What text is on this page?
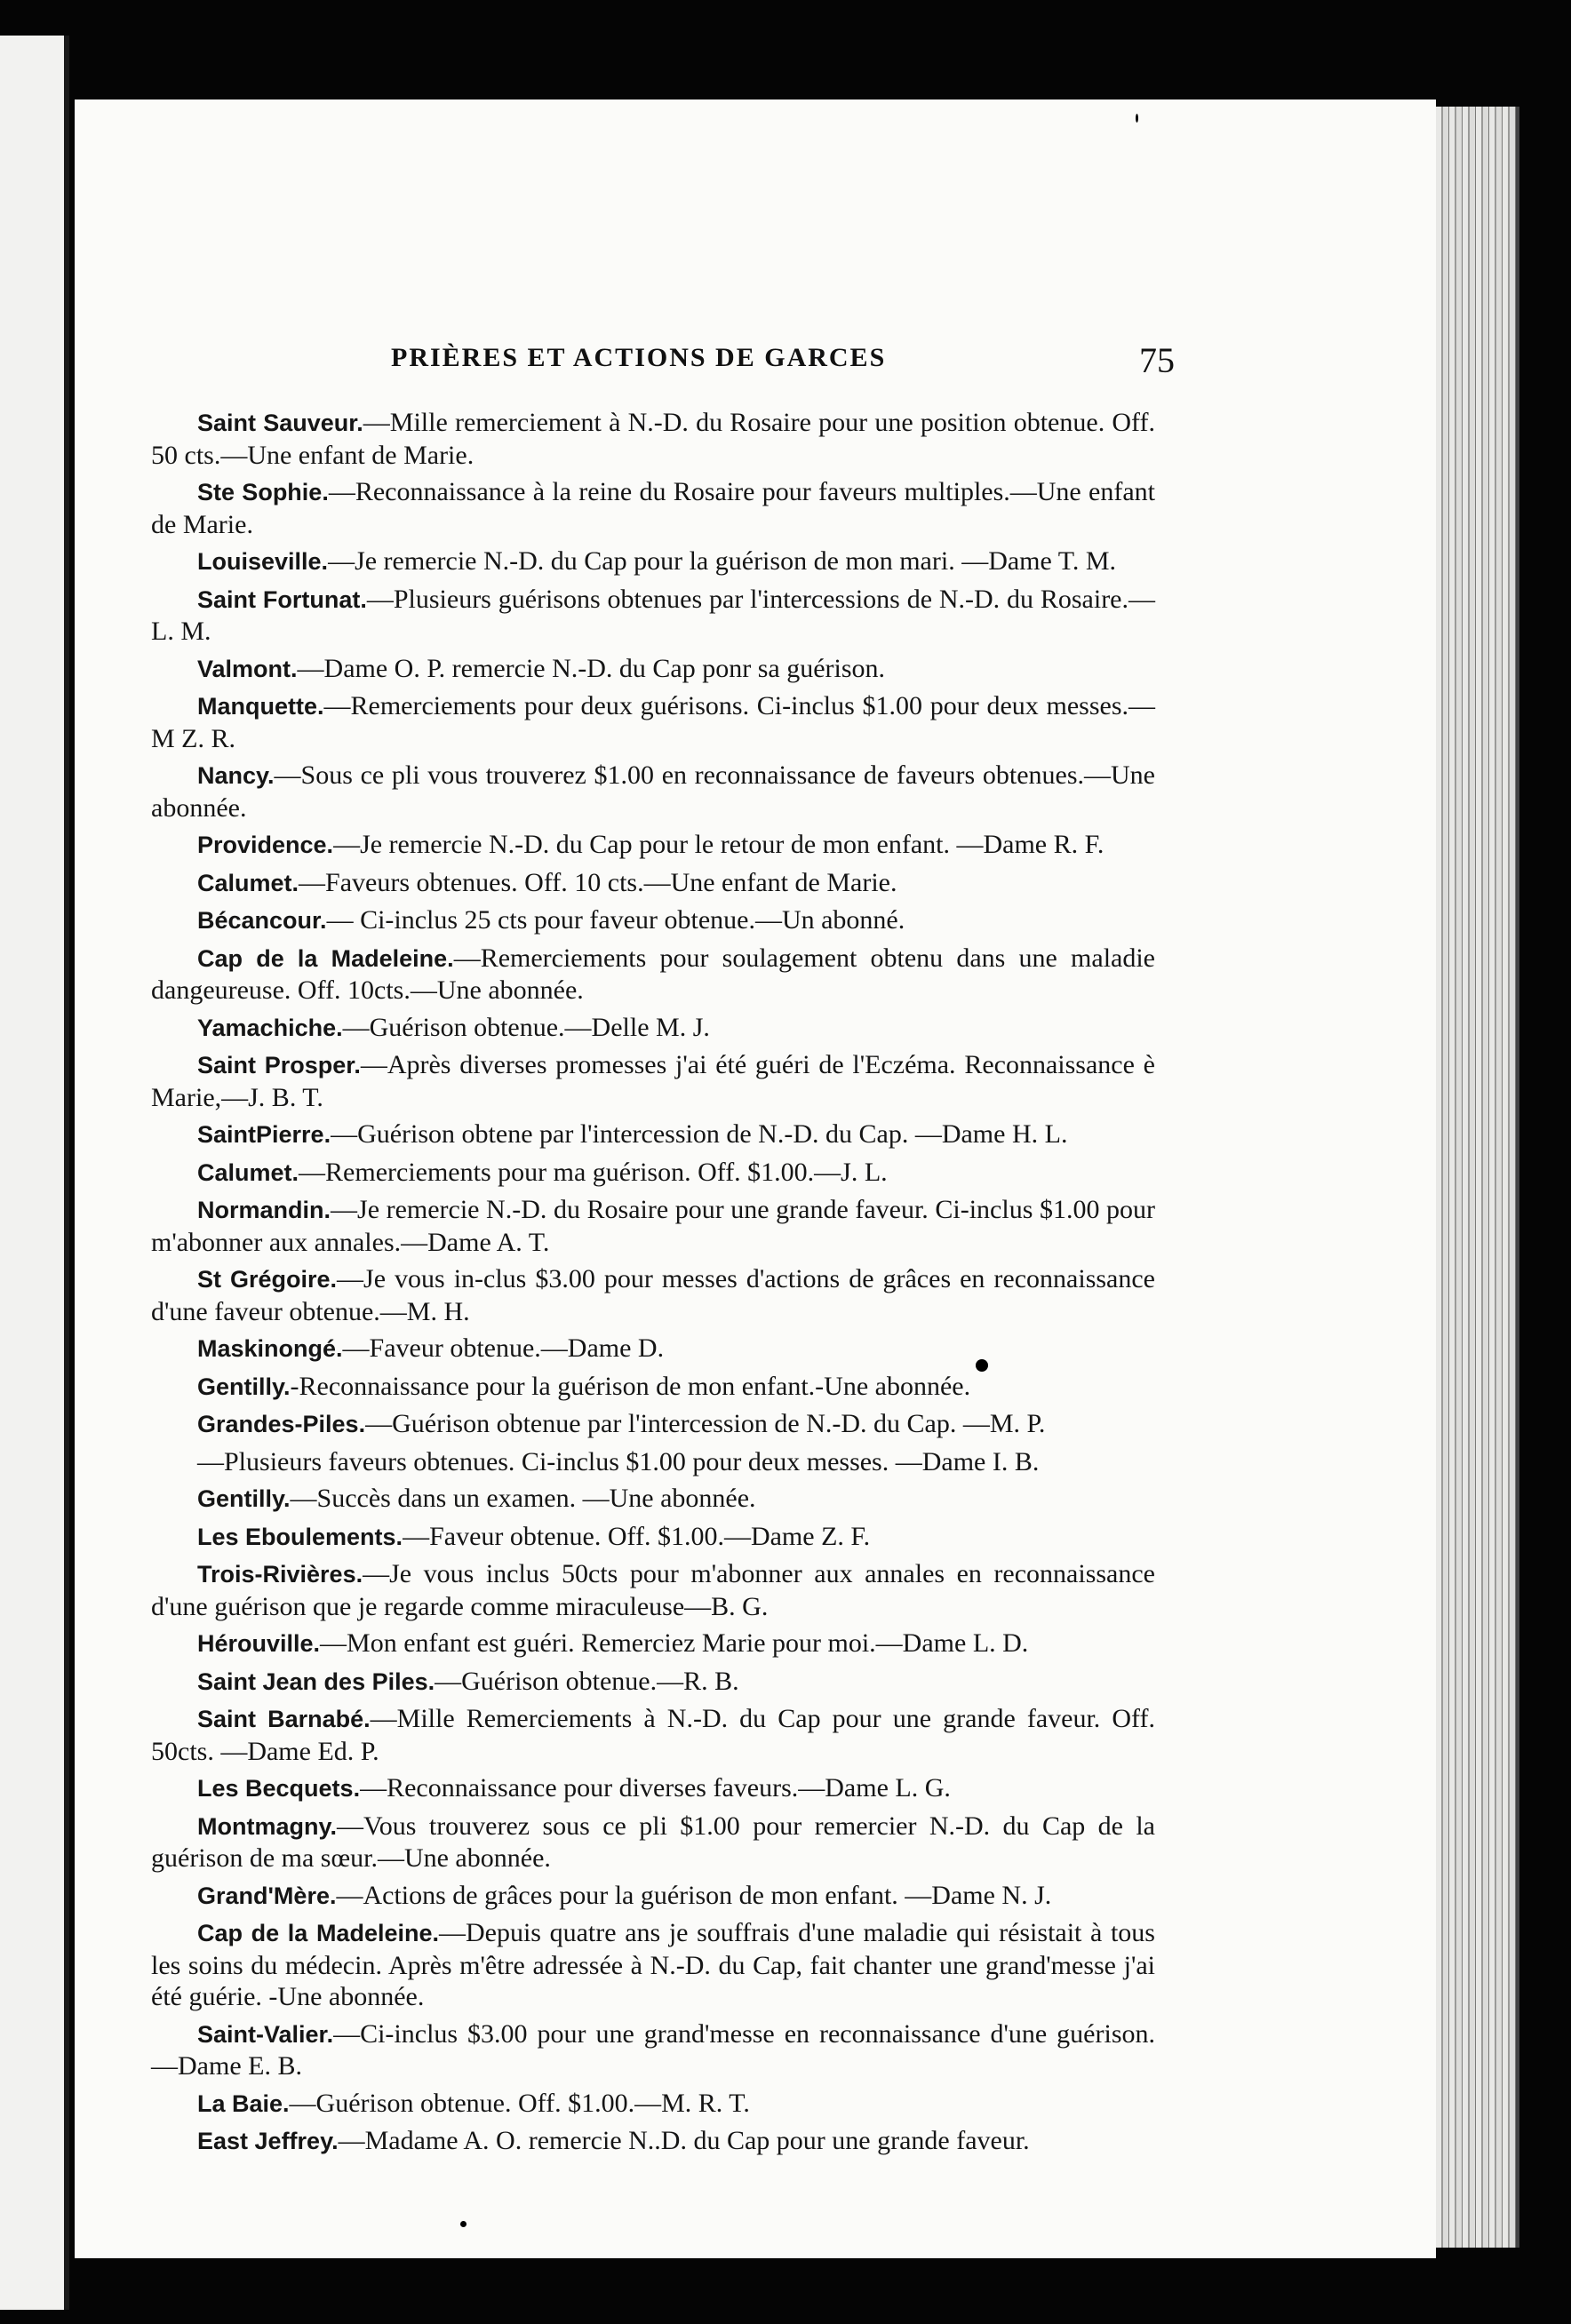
PRIÈRES ET ACTIONS DE GARCES	75

Saint Sauveur.—Mille remerciement à N.-D. du Rosaire pour une position obtenue. Off. 50 cts.—Une enfant de Marie.

Ste Sophie.—Reconnaissance à la reine du Rosaire pour faveurs multiples.—Une enfant de Marie.

Louiseville.—Je remercie N.-D. du Cap pour la guérison de mon mari. —Dame T. M.

Saint Fortunat.—Plusieurs guérisons obtenues par l'intercessions de N.-D. du Rosaire.—L. M.

Valmont.—Dame O. P. remercie N.-D. du Cap ponr sa guérison.

Manquette.—Remerciements pour deux guérisons. Ci-inclus $1.00 pour deux messes.—M Z. R.

Nancy.—Sous ce pli vous trouverez $1.00 en reconnaissance de faveurs obtenues.—Une abonnée.

Providence.—Je remercie N.-D. du Cap pour le retour de mon enfant. —Dame R. F.

Calumet.—Faveurs obtenues. Off. 10 cts.—Une enfant de Marie.

Bécancour.— Ci-inclus 25 cts pour faveur obtenue.—Un abonné.

Cap de la Madeleine.—Remerciements pour soulagement obtenu dans une maladie dangeureuse. Off. 10cts.—Une abonnée.

Yamachiche.—Guérison obtenue.—Delle M. J.

Saint Prosper.—Après diverses promesses j'ai été guéri de l'Eczéma. Reconnaissance è Marie,—J. B. T.

SaintPierre.—Guérison obtene par l'intercession de N.-D. du Cap. —Dame H. L.

Calumet.—Remerciements pour ma guérison. Off. $1.00.—J. L.

Normandin.—Je remercie N.-D. du Rosaire pour une grande faveur. Ci-inclus $1.00 pour m'abonner aux annales.—Dame A. T.

St Grégoire.—Je vous in-clus $3.00 pour messes d'actions de grâces en reconnaissance d'une faveur obtenue.—M. H.

Maskinongé.—Faveur obtenue.—Dame D.

Gentilly.-Reconnaissance pour la guérison de mon enfant.-Une abonnée.

Grandes-Piles.—Guérison obtenue par l'intercession de N.-D. du Cap. —M. P.

—Plusieurs faveurs obtenues. Ci-inclus $1.00 pour deux messes. —Dame I. B.

Gentilly.—Succès dans un examen. —Une abonnée.

Les Eboulements.—Faveur obtenue. Off. $1.00.—Dame Z. F.

Trois-Rivières.—Je vous inclus 50cts pour m'abonner aux annales en reconnaissance d'une guérison que je regarde comme miraculeuse—B. G.

Hérouville.—Mon enfant est guéri. Remerciez Marie pour moi.—Dame L. D.

Saint Jean des Piles.—Guérison obtenue.—R. B.

Saint Barnabé.—Mille Remerciements à N.-D. du Cap pour une grande faveur. Off. 50cts. —Dame Ed. P.

Les Becquets.—Reconnaissance pour diverses faveurs.—Dame L. G.

Montmagny.—Vous trouverez sous ce pli $1.00 pour remercier N.-D. du Cap de la guérison de ma sœur.—Une abonnée.

Grand'Mère.—Actions de grâces pour la guérison de mon enfant. —Dame N. J.

Cap de la Madeleine.—Depuis quatre ans je souffrais d'une maladie qui résistait à tous les soins du médecin. Après m'être adressée à N.-D. du Cap, fait chanter une grand'messe j'ai été guérie. -Une abonnée.

Saint-Valier.—Ci-inclus $3.00 pour une grand'messe en reconnaissance d'une guérison.—Dame E. B.

La Baie.—Guérison obtenue. Off. $1.00.—M. R. T.

East Jeffrey.—Madame A. O. remercie N..D. du Cap pour une grande faveur.
